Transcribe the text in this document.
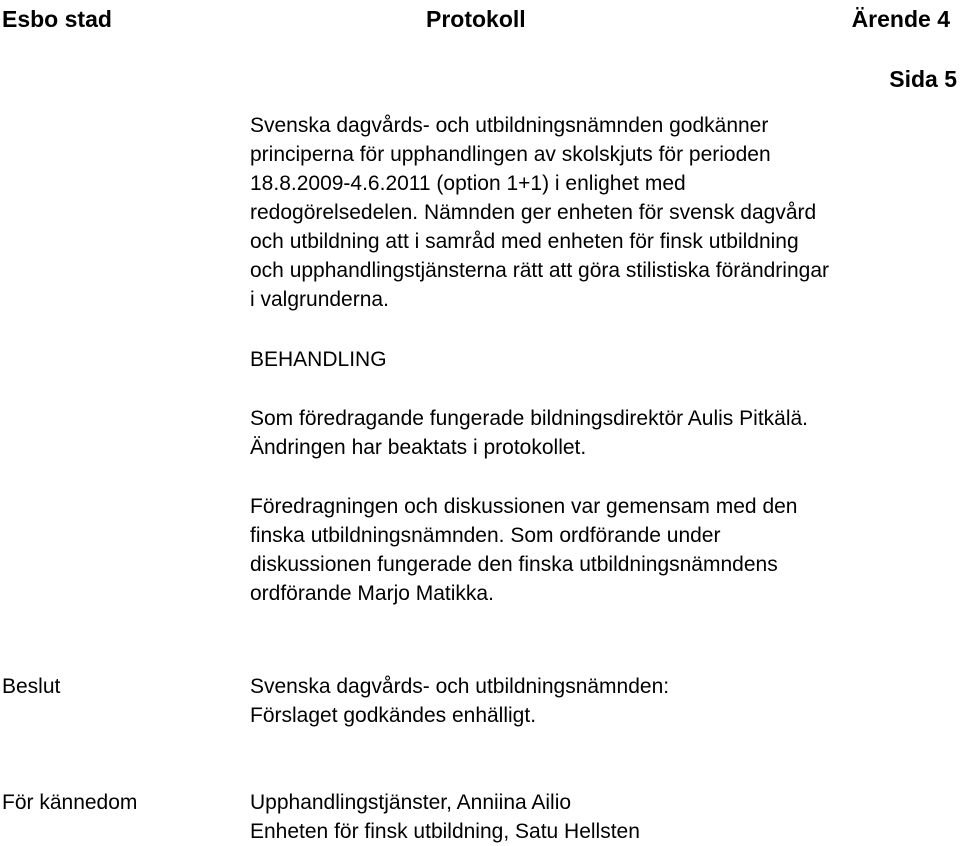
Esbo stad	Protokoll	Ärende 4
Sida 5
Svenska dagvårds- och utbildningsnämnden godkänner
principerna för upphandlingen av skolskjuts för perioden
18.8.2009-4.6.2011 (option 1+1) i enlighet med
redogörelsedelen. Nämnden ger enheten för svensk dagvård
och utbildning att i samråd med enheten för finsk utbildning
och upphandlingstjänsterna rätt att göra stilistiska förändringar
i valgrunderna.
BEHANDLING
Som föredragande fungerade bildningsdirektör Aulis Pitkälä.
Ändringen har beaktats i protokollet.
Föredragningen och diskussionen var gemensam med den
finska utbildningsnämnden. Som ordförande under
diskussionen fungerade den finska utbildningsnämndens
ordförande Marjo Matikka.
Beslut	Svenska dagvårds- och utbildningsnämnden:
Förslaget godkändes enhälligt.
För kännedom	Upphandlingstjänster, Anniina Ailio
Enheten för finsk utbildning, Satu Hellsten
